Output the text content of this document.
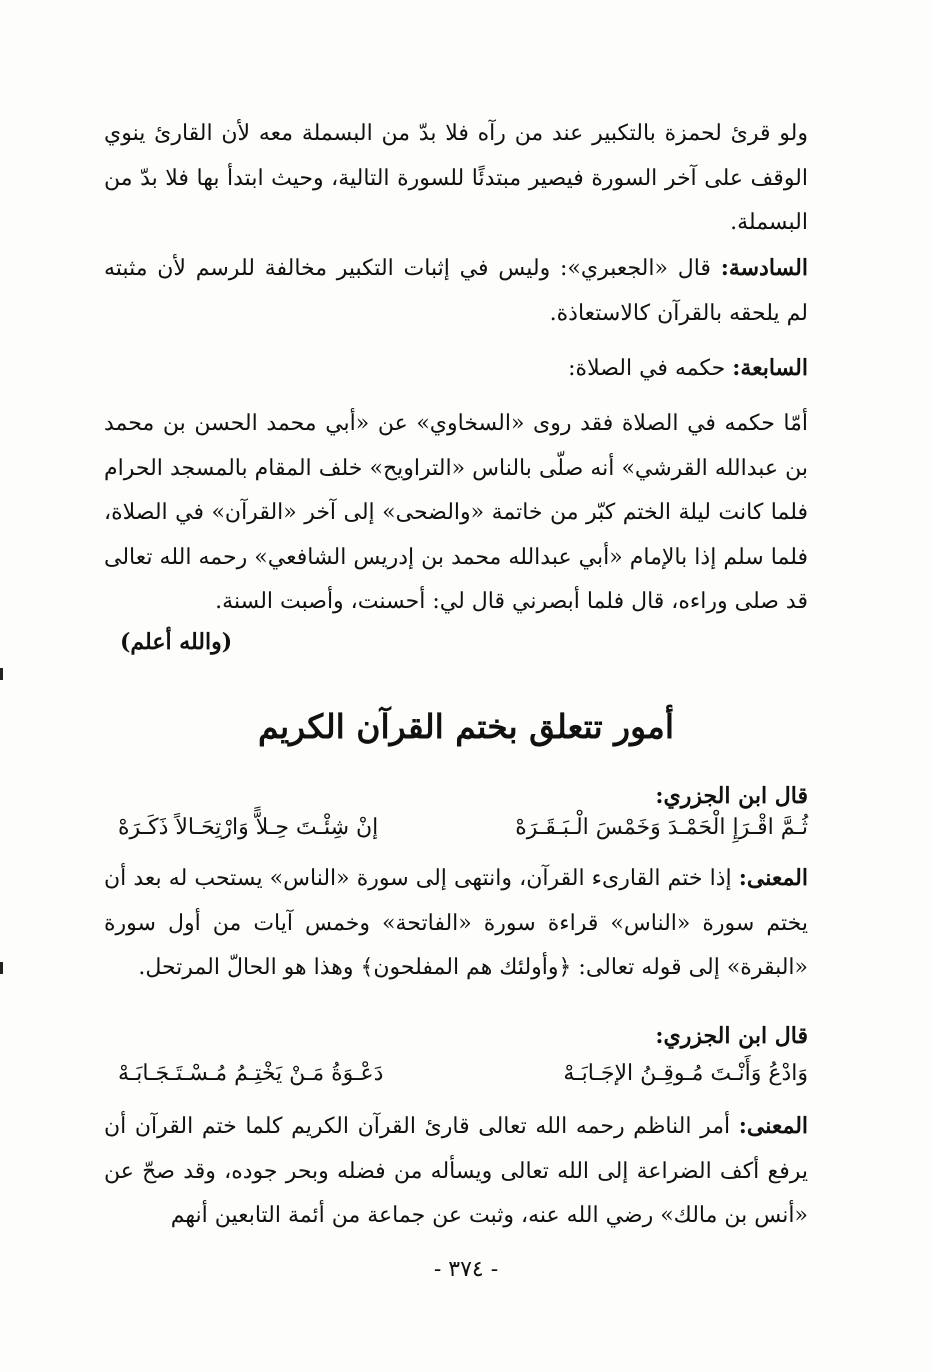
ولو قرئ لحمزة بالتكبير عند من رآه فلا بدّ من البسملة معه لأن القارئ ينوي الوقف على آخر السورة فيصير مبتدئًا للسورة التالية، وحيث ابتدأ بها فلا بدّ من البسملة.
السادسة: قال «الجعبري»: وليس في إثبات التكبير مخالفة للرسم لأن مثبته لم يلحقه بالقرآن كالاستعاذة.
السابعة: حكمه في الصلاة:
أمّا حكمه في الصلاة فقد روى «السخاوي» عن «أبي محمد الحسن بن محمد بن عبدالله القرشي» أنه صلّى بالناس «التراويح» خلف المقام بالمسجد الحرام فلما كانت ليلة الختم كبّر من خاتمة «والضحى» إلى آخر «القرآن» في الصلاة، فلما سلم إذا بالإمام «أبي عبدالله محمد بن إدريس الشافعي» رحمه الله تعالى قد صلى وراءه، قال فلما أبصرني قال لي: أحسنت، وأصبت السنة.
(والله أعلم)
أمور تتعلق بختم القرآن الكريم
قال ابن الجزري:
ثُـمَّ اقْـرَإِ الْحَمْـدَ وَخَمْسَ الْـبَـقَـرَهْ
إنْ شِئْـتَ حِـلاًّ وَارْتِحَـالاً ذَكَـرَهْ
المعنى: إذا ختم القارىء القرآن، وانتهى إلى سورة «الناس» يستحب له بعد أن يختم سورة «الناس» قراءة سورة «الفاتحة» وخمس آيات من أول سورة «البقرة» إلى قوله تعالى: ﴿وأولئك هم المفلحون﴾ وهذا هو الحالّ المرتحل.
قال ابن الجزري:
وَادْعُ وَأَنْـتَ مُـوقِـنُ الإجَـابَـهْ
دَعْـوَةُ مَـنْ يَخْتِـمُ مُـسْـتَـجَـابَـهْ
المعنى: أمر الناظم رحمه الله تعالى قارئ القرآن الكريم كلما ختم القرآن أن يرفع أكف الضراعة إلى الله تعالى ويسأله من فضله وبحر جوده، وقد صحّ عن «أنس بن مالك» رضي الله عنه، وثبت عن جماعة من أئمة التابعين أنهم
- ٣٧٤ -
